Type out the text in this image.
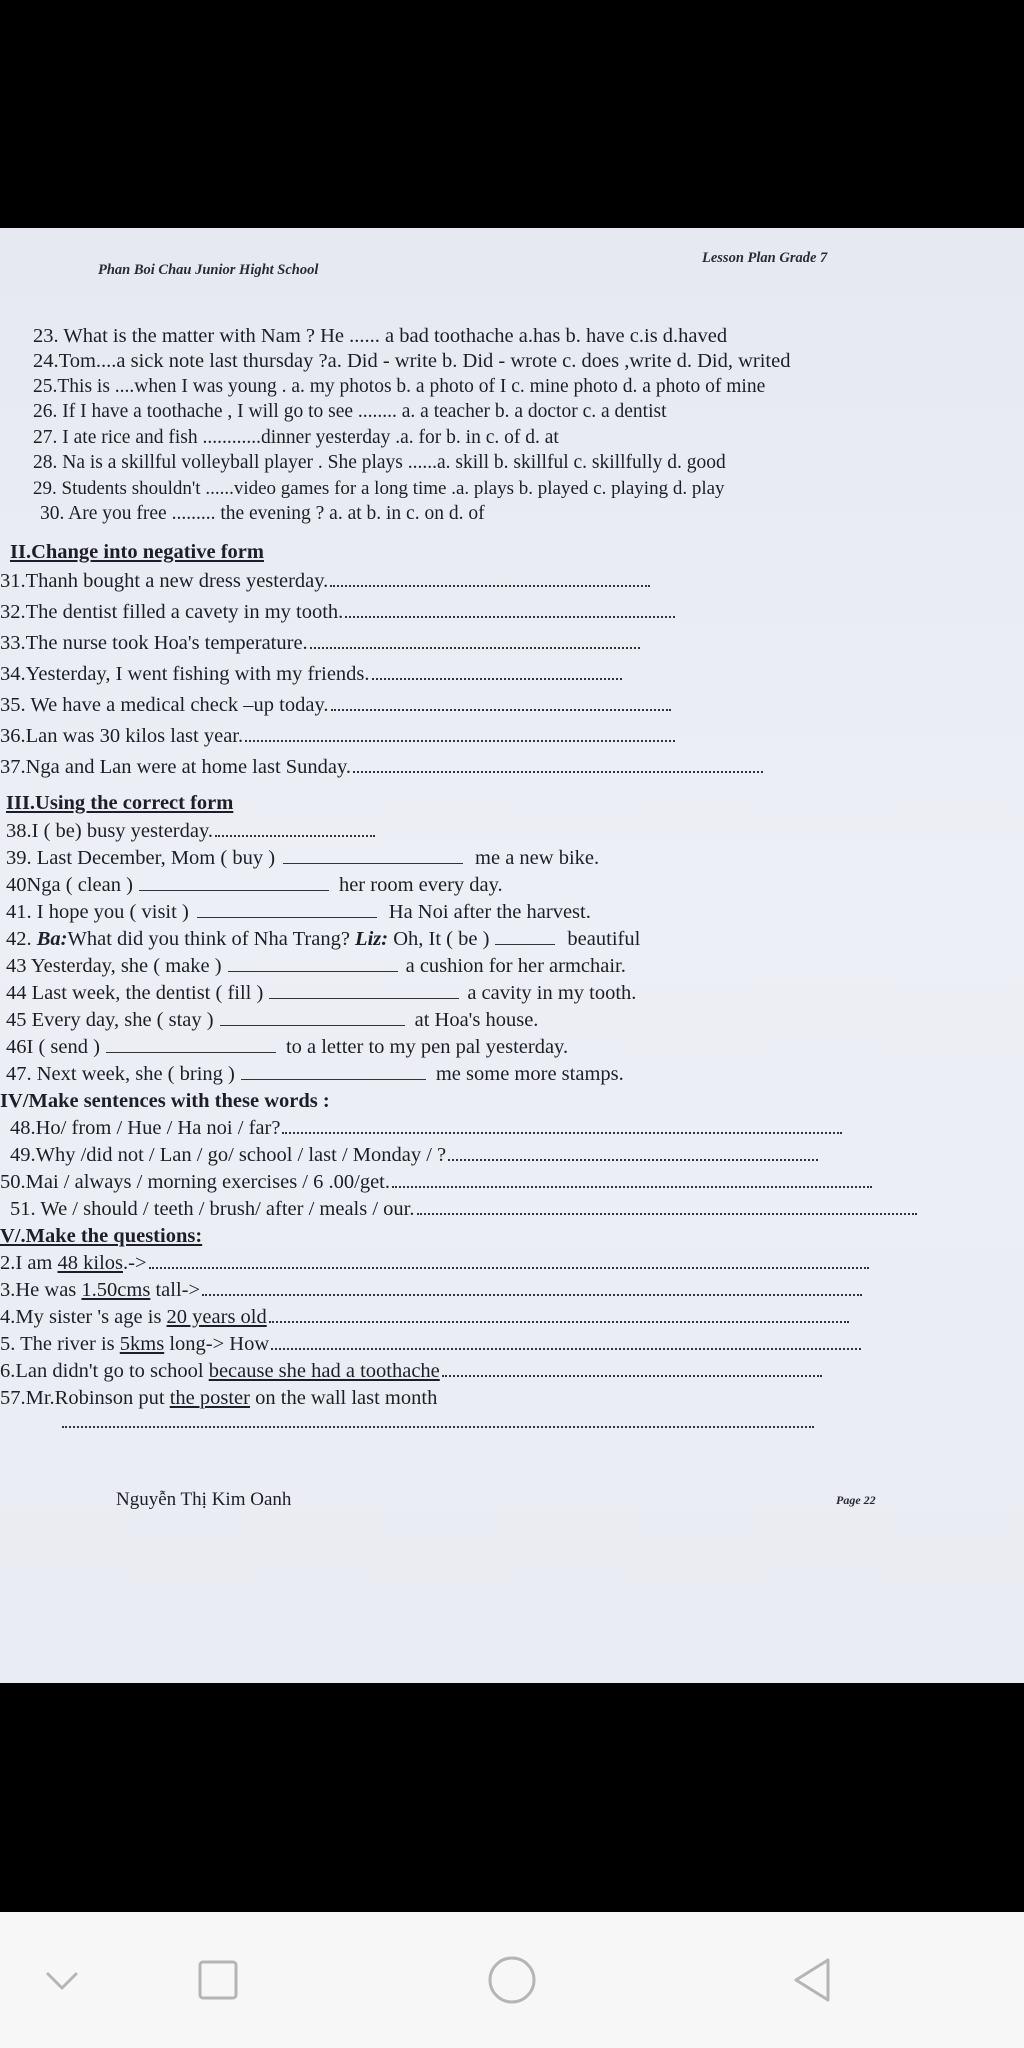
Phan Boi Chau Junior Hight School
Lesson Plan Grade 7
23. What is the matter with Nam ? He ...... a bad toothache a.has b. have c.is d.haved
24.Tom....a sick note last thursday ?a. Did - write b. Did - wrote c. does ,write d. Did, writed
25.This is ....when I was young . a. my photos b. a photo of I c. mine photo d. a photo of mine
26. If I have a toothache , I will go to see ........ a. a teacher b. a doctor c. a dentist
27. I ate rice and fish ............dinner yesterday .a. for b. in c. of d. at
28. Na is a skillful volleyball player . She plays ......a. skill b. skillful c. skillfully d. good
29. Students shouldn't ......video games for a long time .a. plays b. played c. playing d. play
30. Are you free ......... the evening ? a. at b. in c. on d. of
II.Change into negative form
31.Thanh bought a new dress yesterday.
32.The dentist filled a cavety in my tooth.
33.The nurse took Hoa's temperature.
34.Yesterday, I went fishing with my friends.
35. We have a medical check –up today.
36.Lan was 30 kilos last year.
37.Nga and Lan were at home last Sunday.
III.Using the correct form
38.I ( be) busy yesterday.
39. Last December, Mom ( buy )	me a new bike.
40Nga ( clean )	her room every day.
41. I hope you ( visit )	Ha Noi after the harvest.
42. Ba:What did you think of Nha Trang? Liz: Oh, It ( be )	beautiful
43 Yesterday, she ( make )	a cushion for her armchair.
44 Last week, the dentist ( fill )	a cavity in my tooth.
45 Every day, she ( stay )	at Hoa's house.
46I ( send )	to a letter to my pen pal yesterday.
47. Next week, she ( bring )	me some more stamps.
IV/Make sentences with these words :
48.Ho/ from / Hue / Ha noi / far?
49.Why /did not / Lan / go/ school / last / Monday / ?
50.Mai / always / morning exercises / 6 .00/get.
51. We / should / teeth / brush/ after / meals / our.
V/.Make the questions:
2.I am 48 kilos.->
3.He was 1.50cms tall->
4.My sister 's age is 20 years old
5. The river is 5kms long-> How
6.Lan didn't go to school because she had a toothache
57.Mr.Robinson put the poster on the wall last month
Nguyễn Thị Kim Oanh	Page 22
